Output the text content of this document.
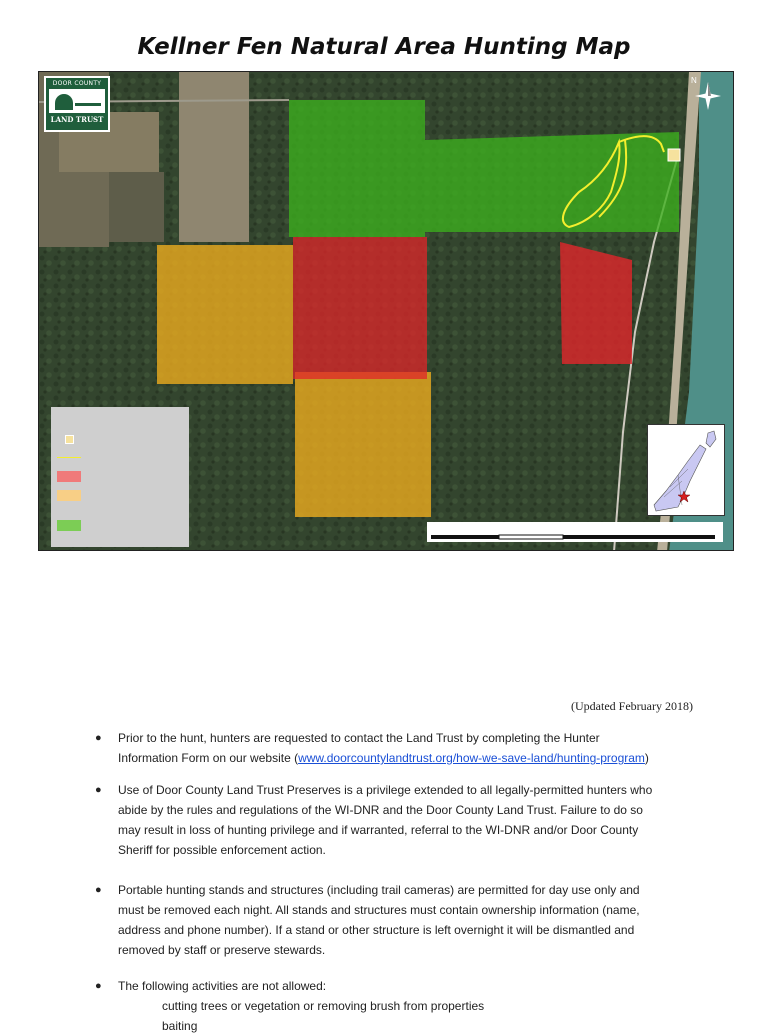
Kellner Fen Natural Area Hunting Map
DOOR COUNTY
LAND TRUST
N
(Updated February 2018)
● Prior to the hunt, hunters are requested to contact the Land Trust by completing the Hunter
Information Form on our website (www.doorcountylandtrust.org/how-we-save-land/hunting-program)
● Use of Door County Land Trust Preserves is a privilege extended to all legally-permitted hunters who
abide by the rules and regulations of the WI-DNR and the Door County Land Trust. Failure to do so
may result in loss of hunting privilege and if warranted, referral to the WI-DNR and/or Door County
Sheriff for possible enforcement action.
● Portable hunting stands and structures (including trail cameras) are permitted for day use only and
must be removed each night. All stands and structures must contain ownership information (name,
address and phone number). If a stand or other structure is left overnight it will be dismantled and
removed by staff or preserve stewards.
● The following activities are not allowed:
cutting trees or vegetation or removing brush from properties
baiting
